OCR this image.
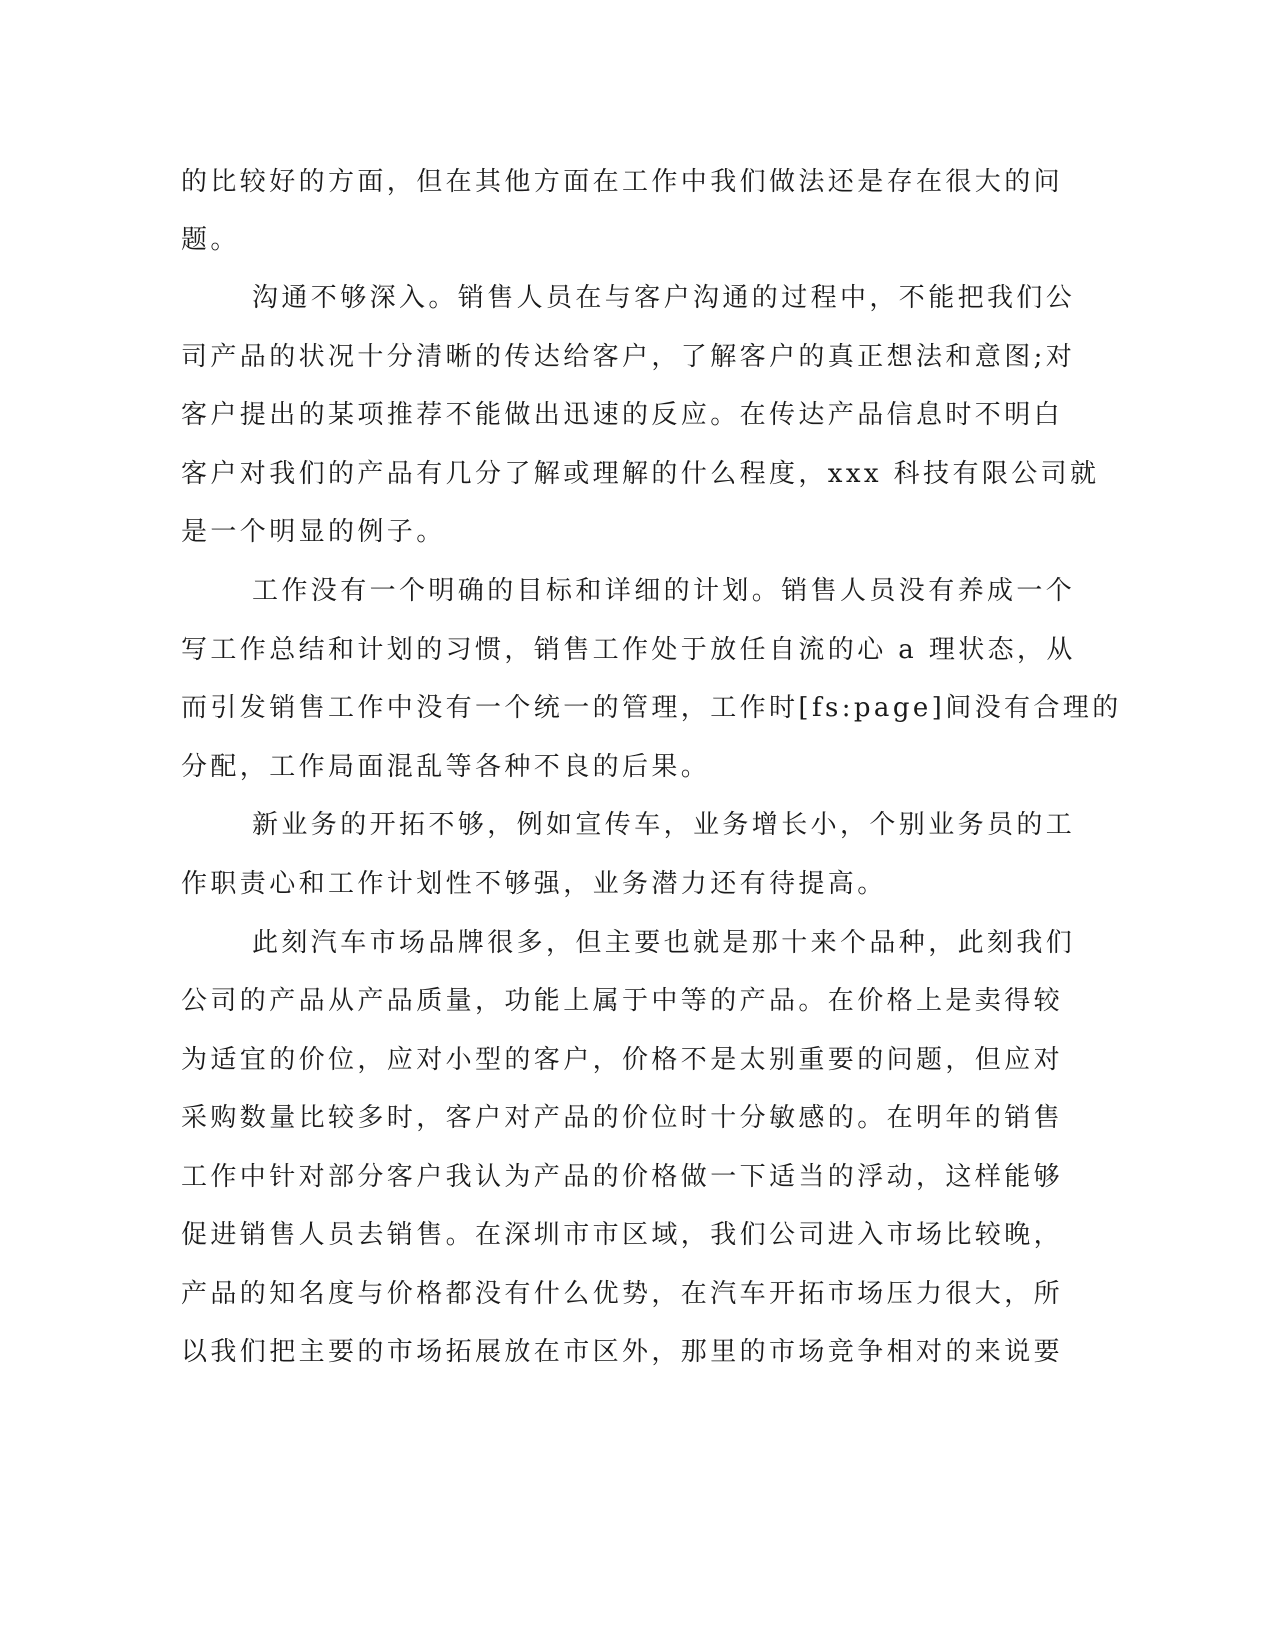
的比较好的方面，但在其他方面在工作中我们做法还是存在很大的问
题。
沟通不够深入。销售人员在与客户沟通的过程中，不能把我们公
司产品的状况十分清晰的传达给客户，了解客户的真正想法和意图;对
客户提出的某项推荐不能做出迅速的反应。在传达产品信息时不明白
客户对我们的产品有几分了解或理解的什么程度，xxx 科技有限公司就
是一个明显的例子。
工作没有一个明确的目标和详细的计划。销售人员没有养成一个
写工作总结和计划的习惯，销售工作处于放任自流的心 a 理状态，从
而引发销售工作中没有一个统一的管理，工作时[fs:page]间没有合理的
分配，工作局面混乱等各种不良的后果。
新业务的开拓不够，例如宣传车，业务增长小，个别业务员的工
作职责心和工作计划性不够强，业务潜力还有待提高。
此刻汽车市场品牌很多，但主要也就是那十来个品种，此刻我们
公司的产品从产品质量，功能上属于中等的产品。在价格上是卖得较
为适宜的价位，应对小型的客户，价格不是太别重要的问题，但应对
采购数量比较多时，客户对产品的价位时十分敏感的。在明年的销售
工作中针对部分客户我认为产品的价格做一下适当的浮动，这样能够
促进销售人员去销售。在深圳市市区域，我们公司进入市场比较晚，
产品的知名度与价格都没有什么优势，在汽车开拓市场压力很大，所
以我们把主要的市场拓展放在市区外，那里的市场竞争相对的来说要
